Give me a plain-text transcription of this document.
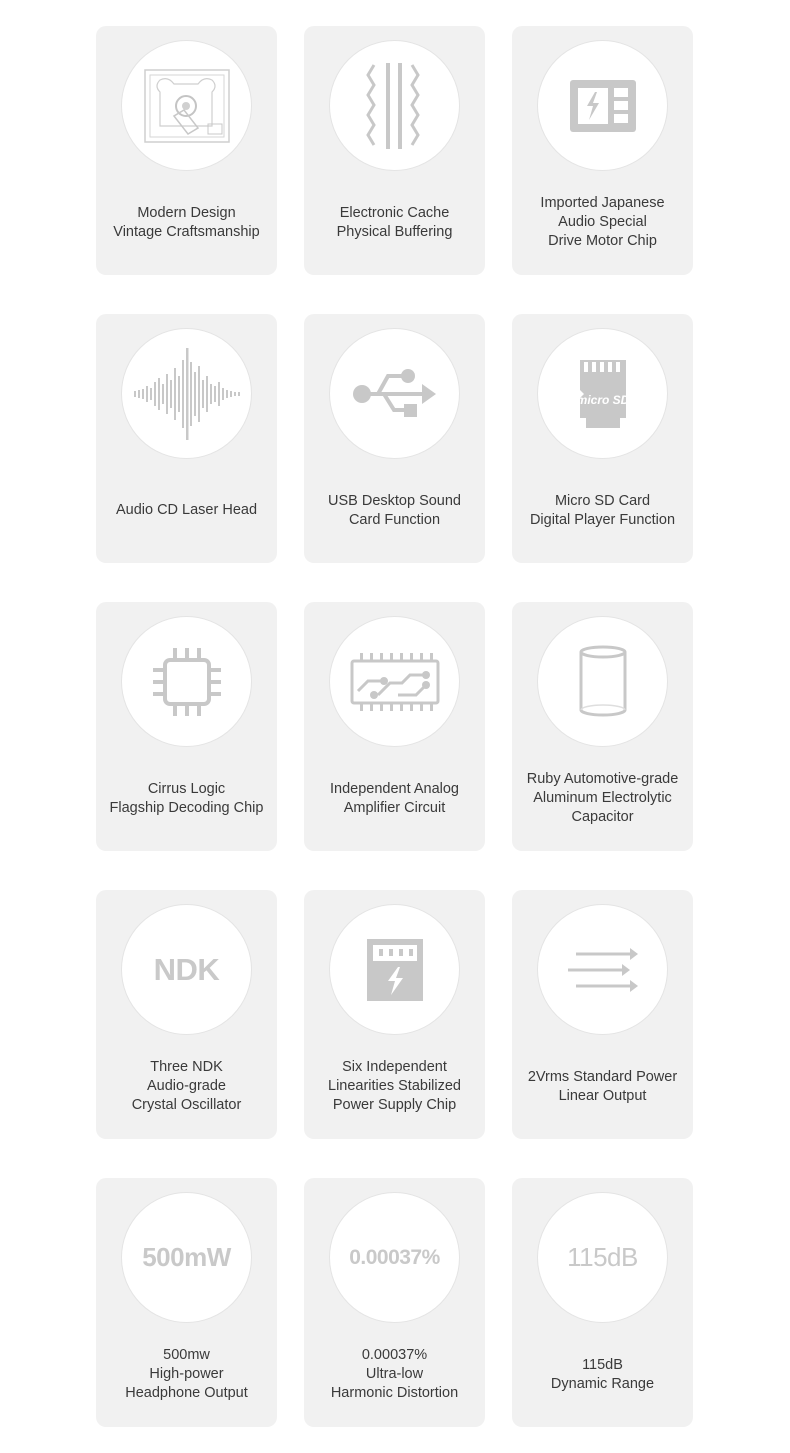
Modern Design
Vintage Craftsmanship
Electronic Cache
Physical Buffering
Imported Japanese
Audio Special
Drive Motor Chip
Audio CD Laser Head
USB Desktop Sound
Card Function
micro SD
Micro SD Card
Digital Player Function
Cirrus Logic
Flagship Decoding Chip
Independent Analog
Amplifier Circuit
Ruby Automotive-grade
Aluminum Electrolytic
Capacitor
NDK
Three NDK
Audio-grade
Crystal Oscillator
Six Independent
Linearities Stabilized
Power Supply Chip
2Vrms Standard Power
Linear Output
500mW
500mw
High-power
Headphone Output
0.00037%
0.00037%
Ultra-low
Harmonic Distortion
115dB
115dB
Dynamic Range
